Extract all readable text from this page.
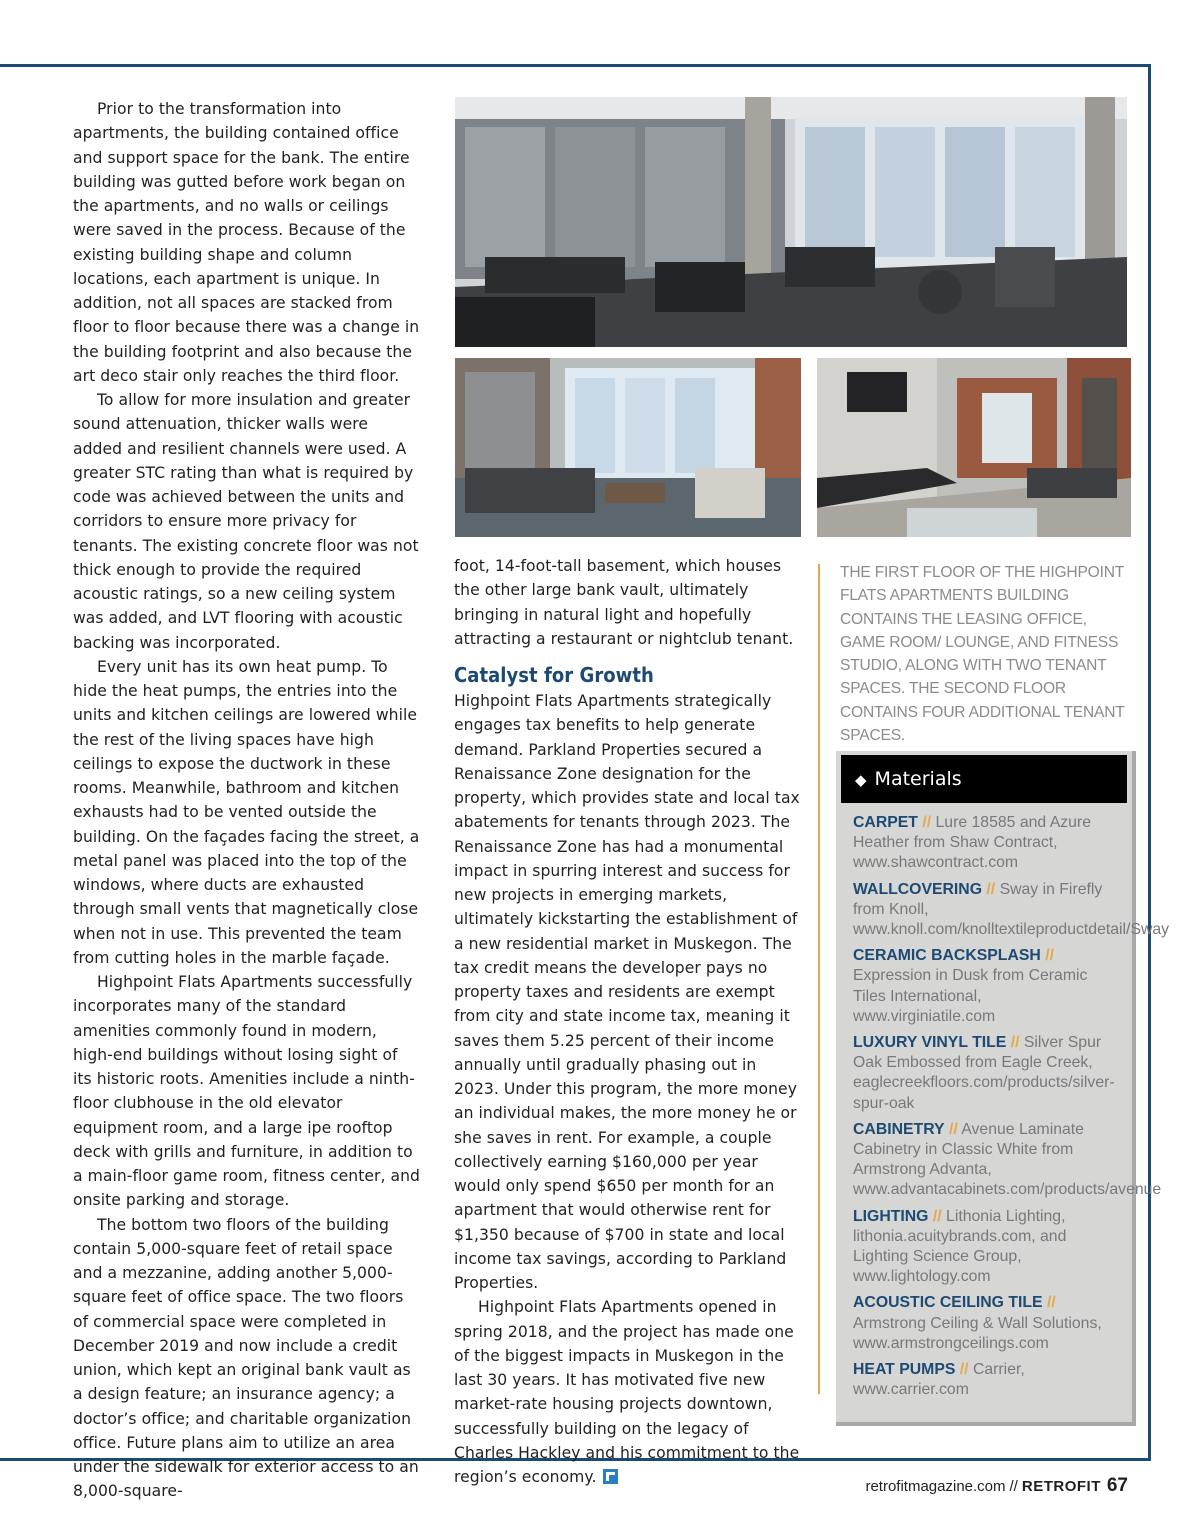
Prior to the transformation into apartments, the building contained office and support space for the bank. The entire building was gutted before work began on the apartments, and no walls or ceilings were saved in the process. Because of the existing building shape and column locations, each apartment is unique. In addition, not all spaces are stacked from floor to floor because there was a change in the building footprint and also because the art deco stair only reaches the third floor.

To allow for more insulation and greater sound attenuation, thicker walls were added and resilient channels were used. A greater STC rating than what is required by code was achieved between the units and corridors to ensure more privacy for tenants. The existing concrete floor was not thick enough to provide the required acoustic ratings, so a new ceiling system was added, and LVT flooring with acoustic backing was incorporated.

Every unit has its own heat pump. To hide the heat pumps, the entries into the units and kitchen ceilings are lowered while the rest of the living spaces have high ceilings to expose the ductwork in these rooms. Meanwhile, bathroom and kitchen exhausts had to be vented outside the building. On the façades facing the street, a metal panel was placed into the top of the windows, where ducts are exhausted through small vents that magnetically close when not in use. This prevented the team from cutting holes in the marble façade.

Highpoint Flats Apartments successfully incorporates many of the standard amenities commonly found in modern, high-end buildings without losing sight of its historic roots. Amenities include a ninth-floor clubhouse in the old elevator equipment room, and a large ipe rooftop deck with grills and furniture, in addition to a main-floor game room, fitness center, and onsite parking and storage.

The bottom two floors of the building contain 5,000-square feet of retail space and a mezzanine, adding another 5,000-square feet of office space. The two floors of commercial space were completed in December 2019 and now include a credit union, which kept an original bank vault as a design feature; an insurance agency; a doctor’s office; and charitable organization office. Future plans aim to utilize an area under the sidewalk for exterior access to an 8,000-square-

foot, 14-foot-tall basement, which houses the other large bank vault, ultimately bringing in natural light and hopefully attracting a restaurant or nightclub tenant.

Catalyst for Growth

Highpoint Flats Apartments strategically engages tax benefits to help generate demand. Parkland Properties secured a Renaissance Zone designation for the property, which provides state and local tax abatements for tenants through 2023. The Renaissance Zone has had a monumental impact in spurring interest and success for new projects in emerging markets, ultimately kickstarting the establishment of a new residential market in Muskegon. The tax credit means the developer pays no property taxes and residents are exempt from city and state income tax, meaning it saves them 5.25 percent of their income annually until gradually phasing out in 2023. Under this program, the more money an individual makes, the more money he or she saves in rent. For example, a couple collectively earning $160,000 per year would only spend $650 per month for an apartment that would otherwise rent for $1,350 because of $700 in state and local income tax savings, according to Parkland Properties.

Highpoint Flats Apartments opened in spring 2018, and the project has made one of the biggest impacts in Muskegon in the last 30 years. It has motivated five new market-rate housing projects downtown, successfully building on the legacy of Charles Hackley and his commitment to the region’s economy.

THE FIRST FLOOR OF THE HIGHPOINT FLATS APARTMENTS BUILDING CONTAINS THE LEASING OFFICE, GAME ROOM/ LOUNGE, AND FITNESS STUDIO, ALONG WITH TWO TENANT SPACES. THE SECOND FLOOR CONTAINS FOUR ADDITIONAL TENANT SPACES.
◆ Materials
CARPET // Lure 18585 and Azure Heather from Shaw Contract, www.shawcontract.com
WALLCOVERING // Sway in Firefly from Knoll, www.knoll.com/knolltextileproductdetail/Sway
CERAMIC BACKSPLASH // Expression in Dusk from Ceramic Tiles International, www.virginiatile.com
LUXURY VINYL TILE // Silver Spur Oak Embossed from Eagle Creek, eaglecreekfloors.com/products/silver-spur-oak
CABINETRY // Avenue Laminate Cabinetry in Classic White from Armstrong Advanta, www.advantacabinets.com/products/avenue
LIGHTING // Lithonia Lighting, lithonia.acuitybrands.com, and Lighting Science Group, www.lightology.com
ACOUSTIC CEILING TILE // Armstrong Ceiling & Wall Solutions, www.armstrongceilings.com
HEAT PUMPS // Carrier, www.carrier.com
retrofitmagazine.com // RETROFIT 67
